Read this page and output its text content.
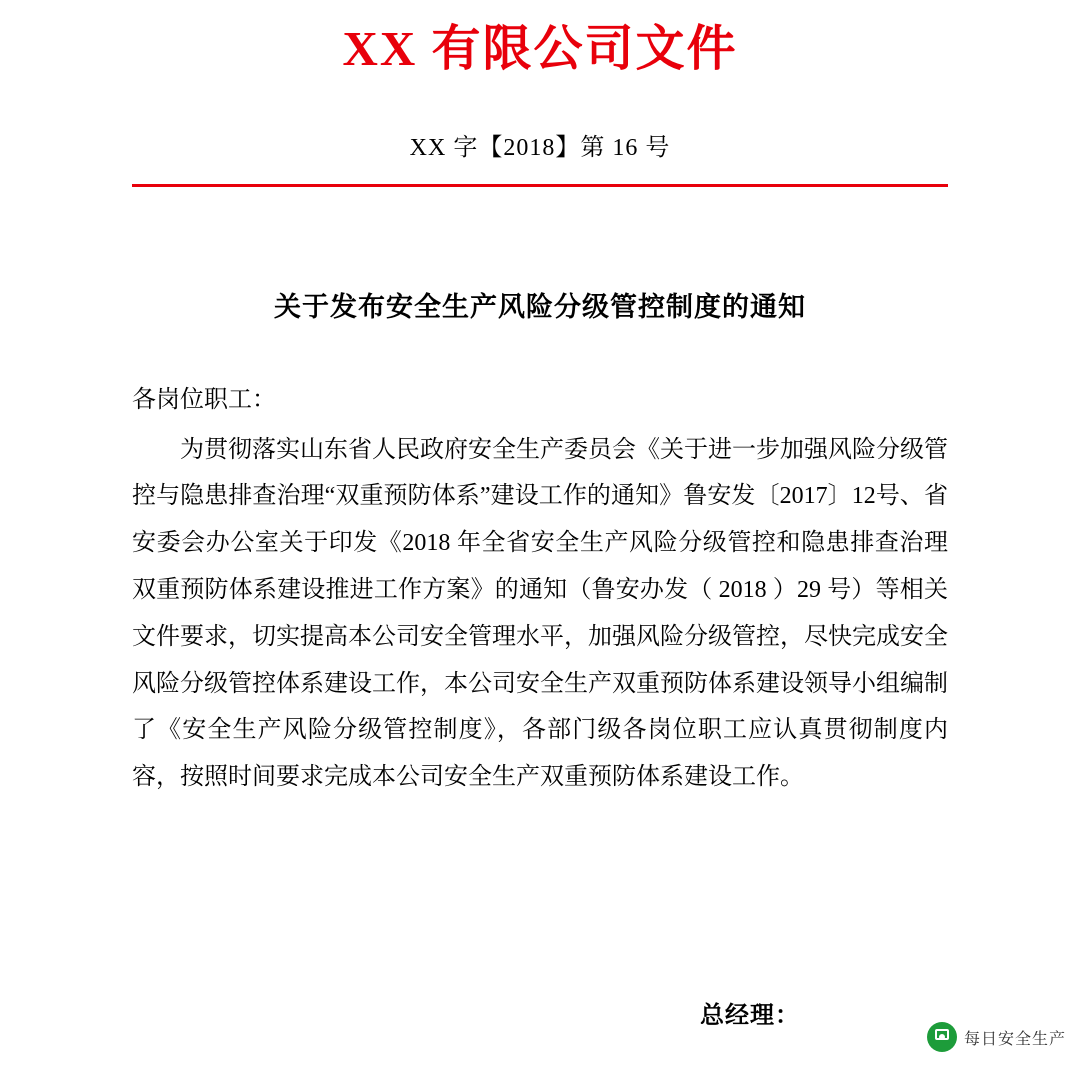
XX 有限公司文件
XX 字【2018】第 16 号
关于发布安全生产风险分级管控制度的通知
各岗位职工：
为贯彻落实山东省人民政府安全生产委员会《关于进一步加强风险分级管控与隐患排查治理“双重预防体系”建设工作的通知》鲁安发〔2017〕12号、省安委会办公室关于印发《2018 年全省安全生产风险分级管控和隐患排查治理双重预防体系建设推进工作方案》的通知（鲁安办发（ 2018 ）29 号）等相关文件要求，切实提高本公司安全管理水平，加强风险分级管控，尽快完成安全风险分级管控体系建设工作，本公司安全生产双重预防体系建设领导小组编制了《安全生产风险分级管控制度》，各部门级各岗位职工应认真贯彻制度内容，按照时间要求完成本公司安全生产双重预防体系建设工作。
总经理：
每日安全生产
